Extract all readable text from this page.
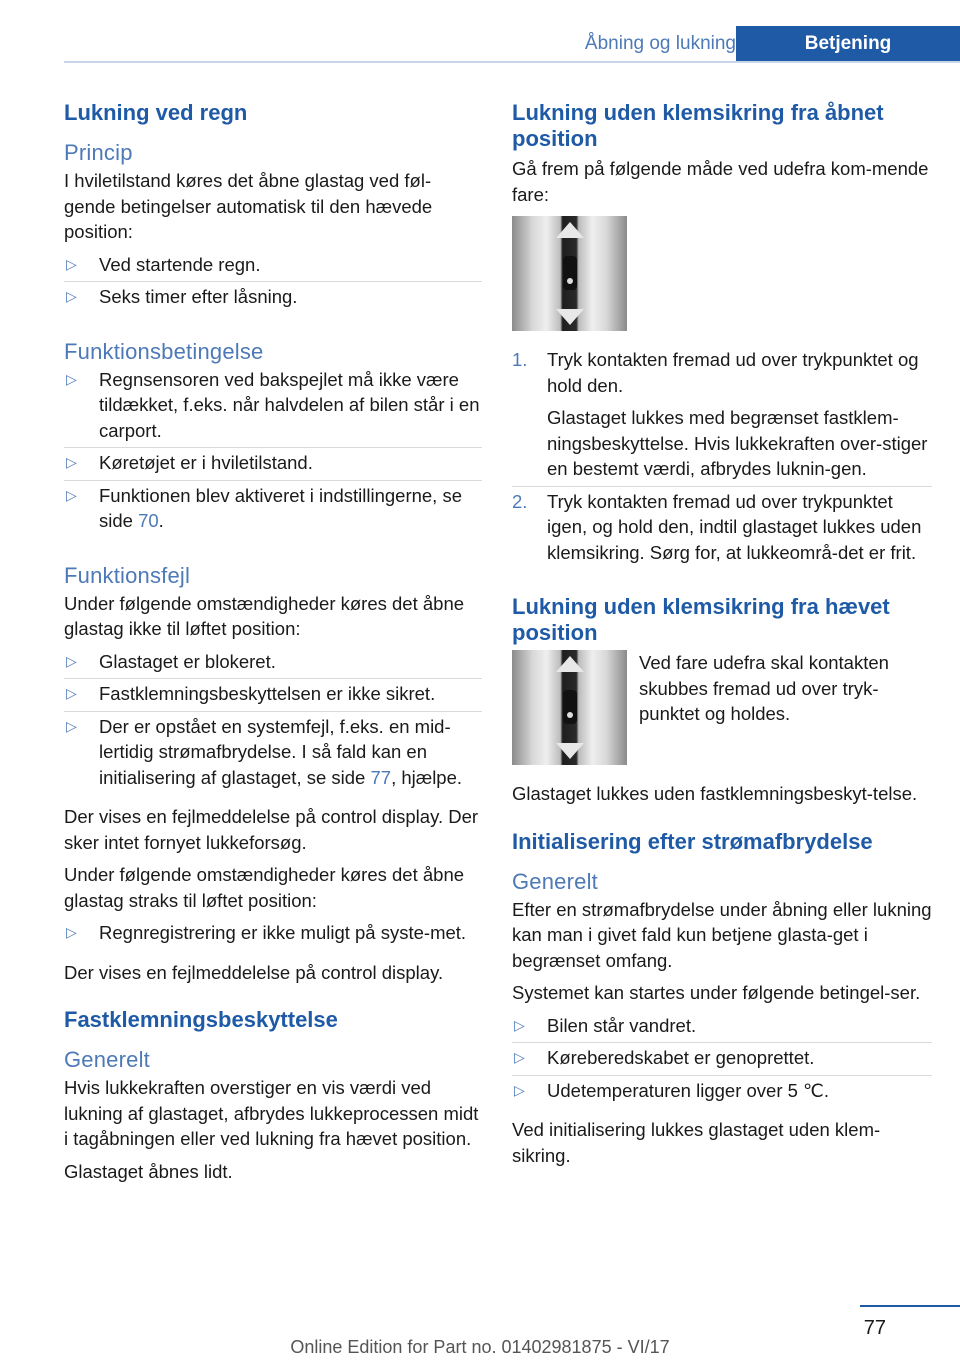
Åbning og lukning	Betjening
Lukning ved regn
Princip

I hviletilstand køres det åbne glastag ved føl-gende betingelser automatisk til den hævede position:

▷ Ved startende regn.
▷ Seks timer efter låsning.
Funktionsbetingelse
▷ Regnsensoren ved bakspejlet må ikke være tildækket, f.eks. når halvdelen af bilen står i en carport.
▷ Køretøjet er i hviletilstand.
▷ Funktionen blev aktiveret i indstillingerne, se side 70.
Funktionsfejl

Under følgende omstændigheder køres det åbne glastag ikke til løftet position:

▷ Glastaget er blokeret.
▷ Fastklemningsbeskyttelsen er ikke sikret.
▷ Der er opstået en systemfejl, f.eks. en mid-lertidig strømafbrydelse. I så fald kan en initialisering af glastaget, se side 77, hjælpe.

Der vises en fejlmeddelelse på control display. Der sker intet fornyet lukkeforsøg.

Under følgende omstændigheder køres det åbne glastag straks til løftet position:

▷ Regnregistrering er ikke muligt på syste-met.

Der vises en fejlmeddelelse på control display.

Fastklemningsbeskyttelse
Generelt

Hvis lukkekraften overstiger en vis værdi ved lukning af glastaget, afbrydes lukkeprocessen midt i tagåbningen eller ved lukning fra hævet position.

Glastaget åbnes lidt.

Lukning uden klemsikring fra åbnet position

Gå frem på følgende måde ved udefra kom-mende fare:

1. Tryk kontakten fremad ud over trykpunktet og hold den.
Glastaget lukkes med begrænset fastklem-ningsbeskyttelse. Hvis lukkekraften over-stiger en bestemt værdi, afbrydes luknin-gen.
2. Tryk kontakten fremad ud over trykpunktet igen, og hold den, indtil glastaget lukkes uden klemsikring. Sørg for, at lukkeområ-det er frit.
Lukning uden klemsikring fra hævet position

Ved fare udefra skal kontakten skubbes fremad ud over tryk-punktet og holdes.

Glastaget lukkes uden fastklemningsbeskyt-telse.

Initialisering efter strømafbrydelse
Generelt

Efter en strømafbrydelse under åbning eller lukning kan man i givet fald kun betjene glasta-get i begrænset omfang.

Systemet kan startes under følgende betingel-ser.

▷ Bilen står vandret.
▷ Køreberedskabet er genoprettet.
▷ Udetemperaturen ligger over 5 ℃.

Ved initialisering lukkes glastaget uden klem-sikring.

77
Online Edition for Part no. 01402981875 - VI/17
